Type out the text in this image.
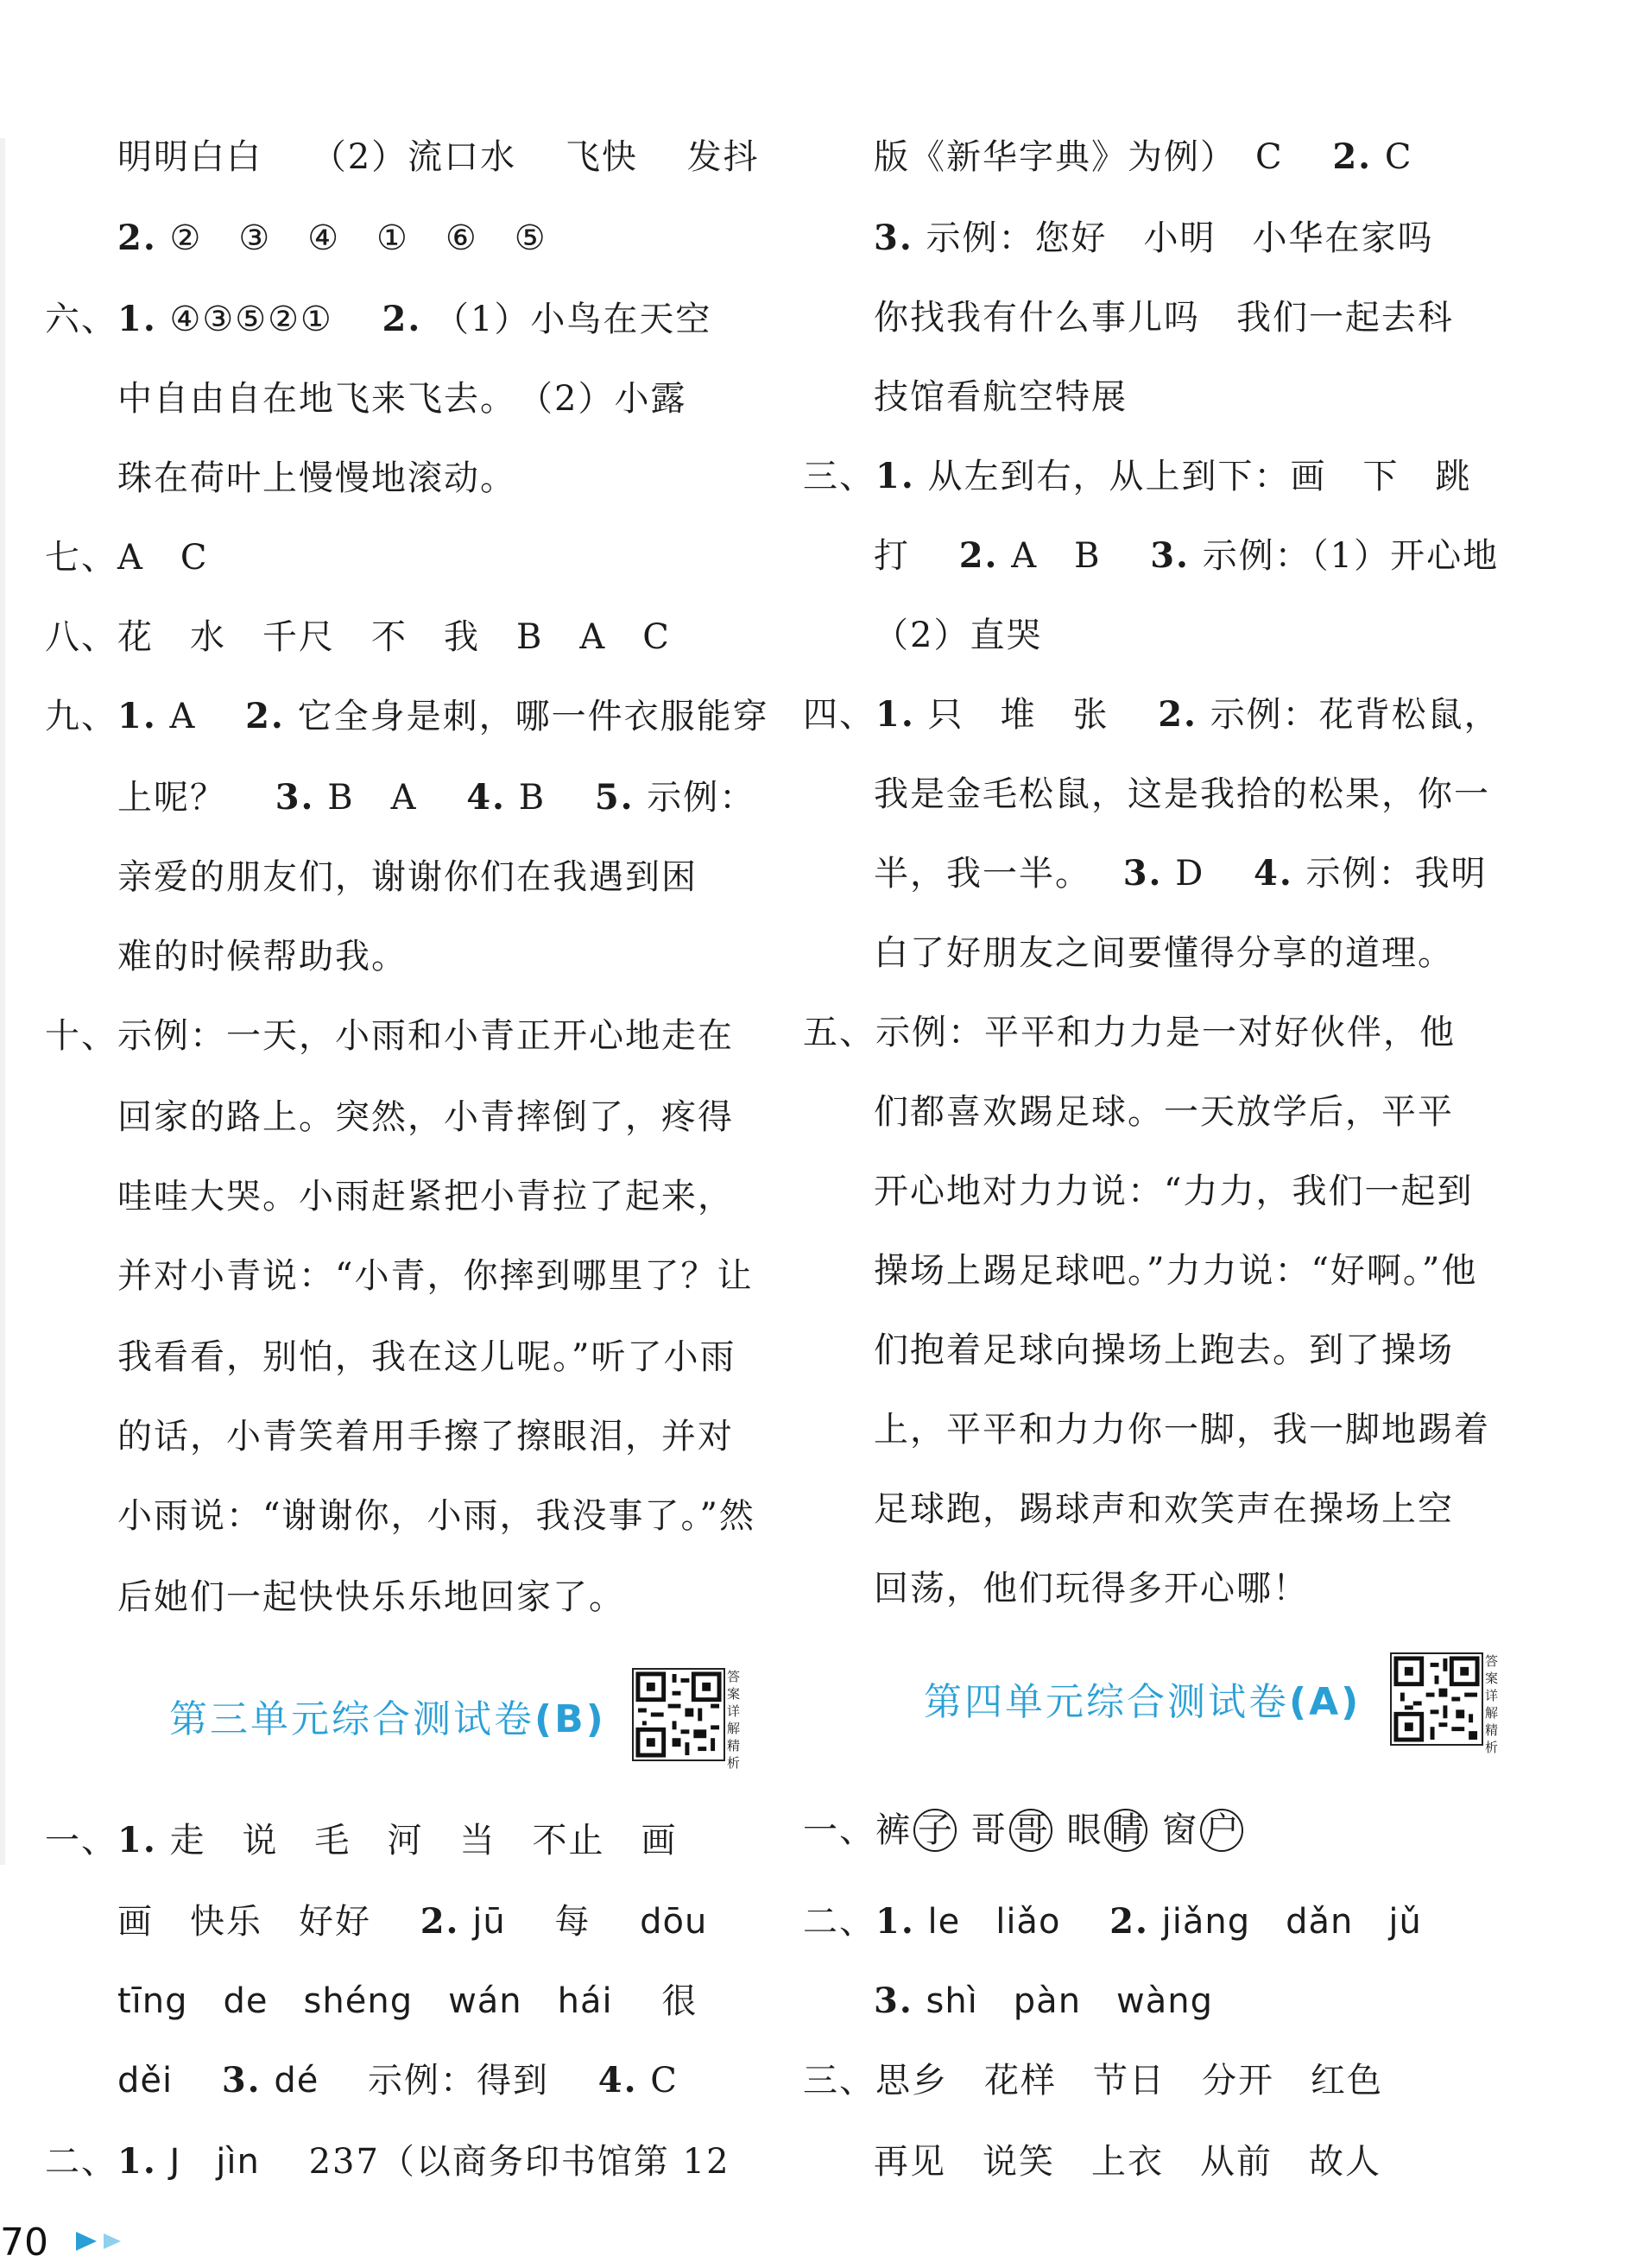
明明白白　 （2）流口水　 飞快　 发抖
2. ②　③　④　①　⑥　⑤
六、1. ④③⑤②①　 2. （1）小鸟在天空
中自由自在地飞来飞去。　（2）小露
珠在荷叶上慢慢地滚动。
七、A　C
八、花　水　千尺　不　我　B　A　C
九、1. A　 2. 它全身是刺，哪一件衣服能穿
上呢？　 3. B　A　 4. B　 5. 示例：
亲爱的朋友们，谢谢你们在我遇到困
难的时候帮助我。
十、示例：一天，小雨和小青正开心地走在
回家的路上。突然，小青摔倒了，疼得
哇哇大哭。小雨赶紧把小青拉了起来，
并对小青说：“小青，你摔到哪里了？让
我看看，别怕，我在这儿呢。”听了小雨
的话，小青笑着用手擦了擦眼泪，并对
小雨说：“谢谢你，小雨，我没事了。”然
后她们一起快快乐乐地回家了。
第三单元综合测试卷(B)
答案详解精析
一、1. 走　说　毛　河　当　不止　画
画　快乐　好好　 2. jū　 每　 dōu
tīng　de　shéng　wán　hái　 很
děi　 3. dé　 示例：得到　 4. C
二、1. J　jìn　 237（以商务印书馆第 12
版《新华字典》为例）　C　 2. C
3. 示例：您好　小明　小华在家吗
你找我有什么事儿吗　我们一起去科
技馆看航空特展
三、1. 从左到右，从上到下：画　下　跳
打　 2. A　B　 3. 示例：（1）开心地
（2）直哭
四、1. 只　堆　张　 2. 示例：花背松鼠，
我是金毛松鼠，这是我拾的松果，你一
半，我一半。　 3. D　 4. 示例：我明
白了好朋友之间要懂得分享的道理。
五、示例：平平和力力是一对好伙伴，他
们都喜欢踢足球。一天放学后，平平
开心地对力力说：“力力，我们一起到
操场上踢足球吧。”力力说：“好啊。”他
们抱着足球向操场上跑去。到了操场
上，平平和力力你一脚，我一脚地踢着
足球跑，踢球声和欢笑声在操场上空
回荡，他们玩得多开心哪！
第四单元综合测试卷(A)
答案详解精析
一、裤 子 哥 哥 眼 睛 窗 户
二、1. le　liǎo　 2. jiǎng　dǎn　jǔ
3. shì　pàn　wàng
三、思乡　花样　节日　分开　红色
再见　说笑　上衣　从前　故人
70
